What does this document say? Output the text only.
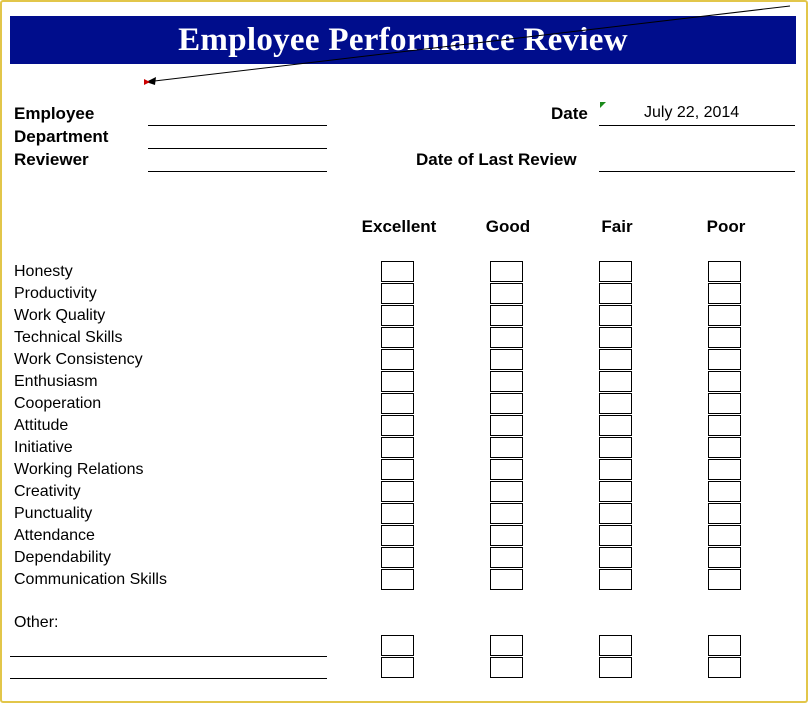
Employee Performance Review
Employee
Department
Reviewer
Date	July 22, 2014
Date of Last Review
Excellent	Good	Fair	Poor
Honesty
Productivity
Work Quality
Technical Skills
Work Consistency
Enthusiasm
Cooperation
Attitude
Initiative
Working Relations
Creativity
Punctuality
Attendance
Dependability
Communication Skills
Other:
